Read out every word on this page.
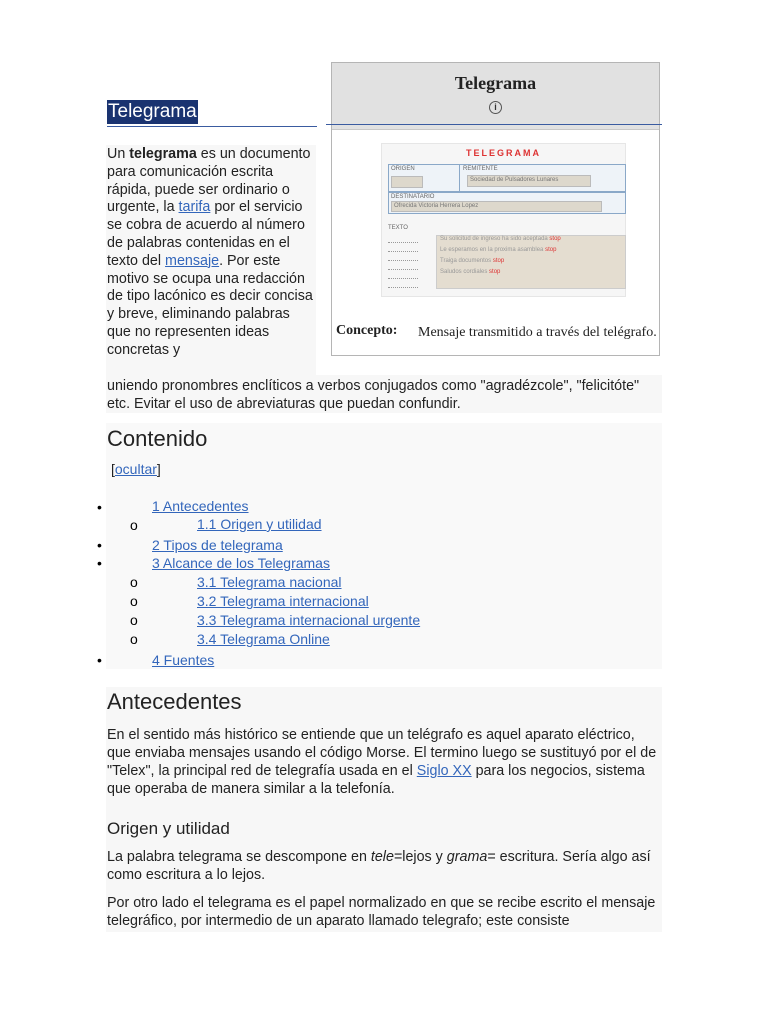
Telegrama
Un telegrama es un documento para comunicación escrita rápida, puede ser ordinario o urgente, la tarifa por el servicio se cobra de acuerdo al número de palabras contenidas en el texto del mensaje. Por este motivo se ocupa una redacción de tipo lacónico es decir concisa y breve, eliminando palabras que no representen ideas concretas y
uniendo pronombres enclíticos a verbos conjugados como "agradézcole", "felicitóte" etc. Evitar el uso de abreviaturas que puedan confundir.
Telegrama
i
TELEGRAMA
ORIGEN	REMITENTE
Sociedad de Pulsadores Lunares
DESTINATARIO
Ofrecida Victoria Herrera Lopez
TEXTO
Su solicitud de ingreso ha sido aceptada stop
Le esperamos en la proxima asamblea stop
Traiga documentos stop
Saludos cordiales stop
Concepto: Mensaje transmitido a través del telégrafo.
Contenido
[ocultar]
•	1 Antecedentes
o	1.1 Origen y utilidad
•	2 Tipos de telegrama
•	3 Alcance de los Telegramas
o	3.1 Telegrama nacional
o	3.2 Telegrama internacional
o	3.3 Telegrama internacional urgente
o	3.4 Telegrama Online
•	4 Fuentes
Antecedentes
En el sentido más histórico se entiende que un telégrafo es aquel aparato eléctrico, que enviaba mensajes usando el código Morse. El termino luego se sustituyó por el de "Telex", la principal red de telegrafía usada en el Siglo XX para los negocios, sistema que operaba de manera similar a la telefonía.
Origen y utilidad
La palabra telegrama se descompone en tele=lejos y grama= escritura. Sería algo así como escritura a lo lejos.
Por otro lado el telegrama es el papel normalizado en que se recibe escrito el mensaje telegráfico, por intermedio de un aparato llamado telegrafo; este consiste
